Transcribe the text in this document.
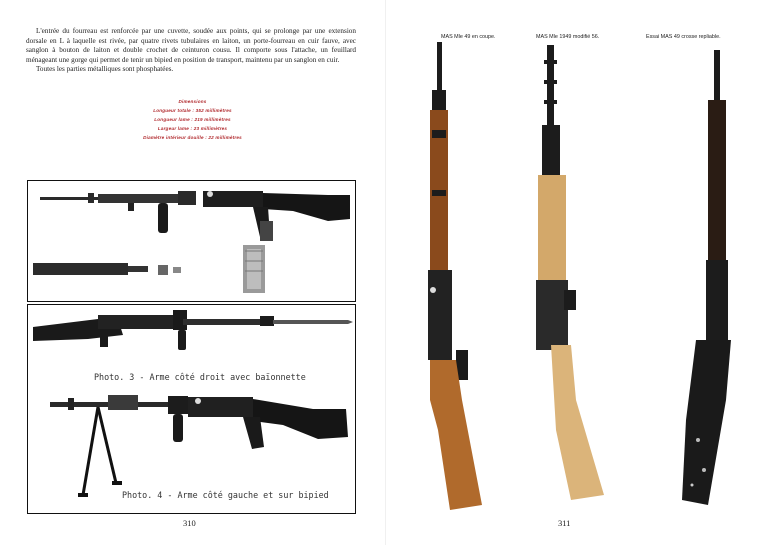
L'entrée du fourreau est renforcée par une cuvette, soudée aux points, qui se prolonge par une extension dorsale en L à laquelle est rivée, par quatre rivets tubulaires en laiton, un porte-fourreau en cuir fauve, avec sanglon à bouton de laiton et double crochet de ceinturon cousu. Il comporte sous l'attache, un feuillard ménageant une gorge qui permet de tenir un bipied en position de transport, maintenu par un sanglon en cuir.

Toutes les parties métalliques sont phosphatées.

Dimensions
Longueur totale : 352 millimètres
Longueur lame : 219 millimètres
Largeur lame : 23 millimètres
Diamètre intérieur douille : 22 millimètres
Photo. 3 - Arme côté droit avec baïonnette
Photo. 4 - Arme côté gauche et sur bipied
310
MAS Mle 49 en coupe.	MAS Mle 1949 modifié 56.	Essai MAS 49 crosse repliable.
311
